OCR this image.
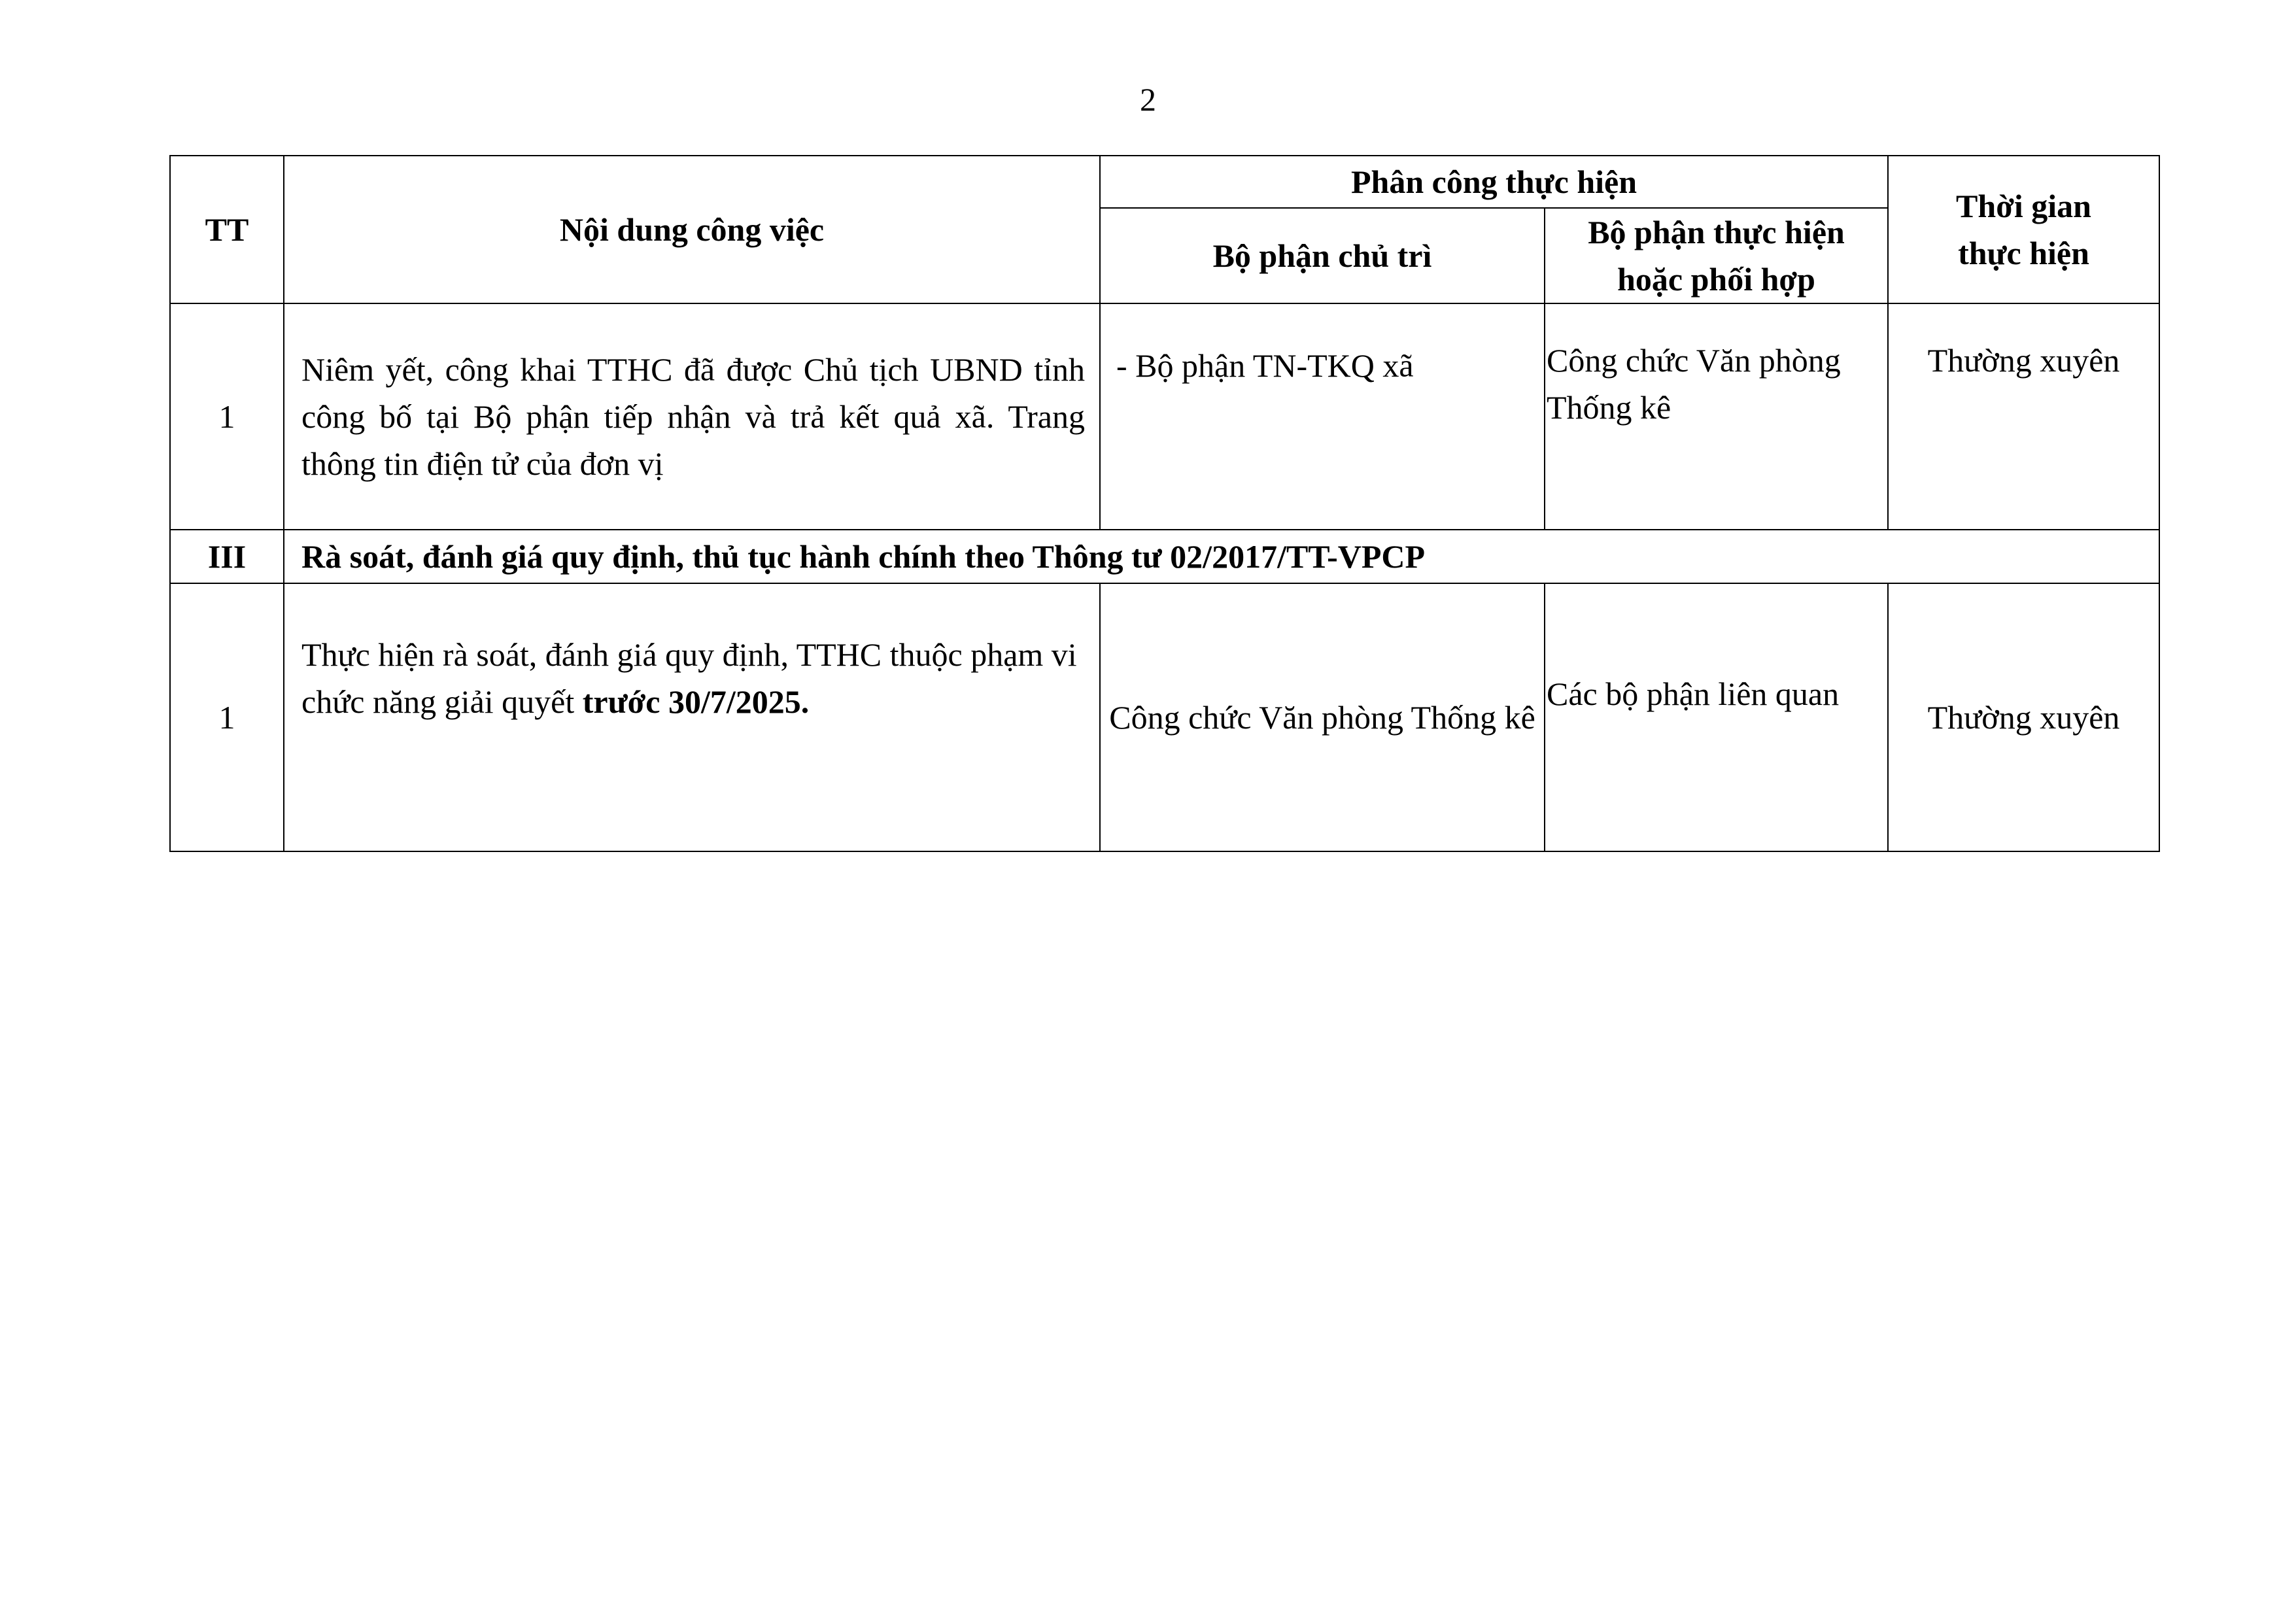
2
TT	Nội dung công việc	Phân công thực hiện		Thời gian
thực hiện

		Bộ phận chủ trì	Bộ phận thực hiện
hoặc phối hợp	

1	Niêm yết, công khai TTHC đã được Chủ tịch UBND tỉnh công bố tại Bộ phận tiếp nhận và trả kết quả xã. Trang thông tin điện tử của đơn vị	- Bộ phận TN-TKQ xã	Công chức Văn phòng Thống kê	Thường xuyên
III	Rà soát, đánh giá quy định, thủ tục hành chính theo Thông tư 02/2017/TT-VPCP			
1	Thực hiện rà soát, đánh giá quy định, TTHC thuộc phạm vi chức năng giải quyết trước 30/7/2025.	Công chức Văn phòng Thống kê	Các bộ phận liên quan	Thường xuyên
